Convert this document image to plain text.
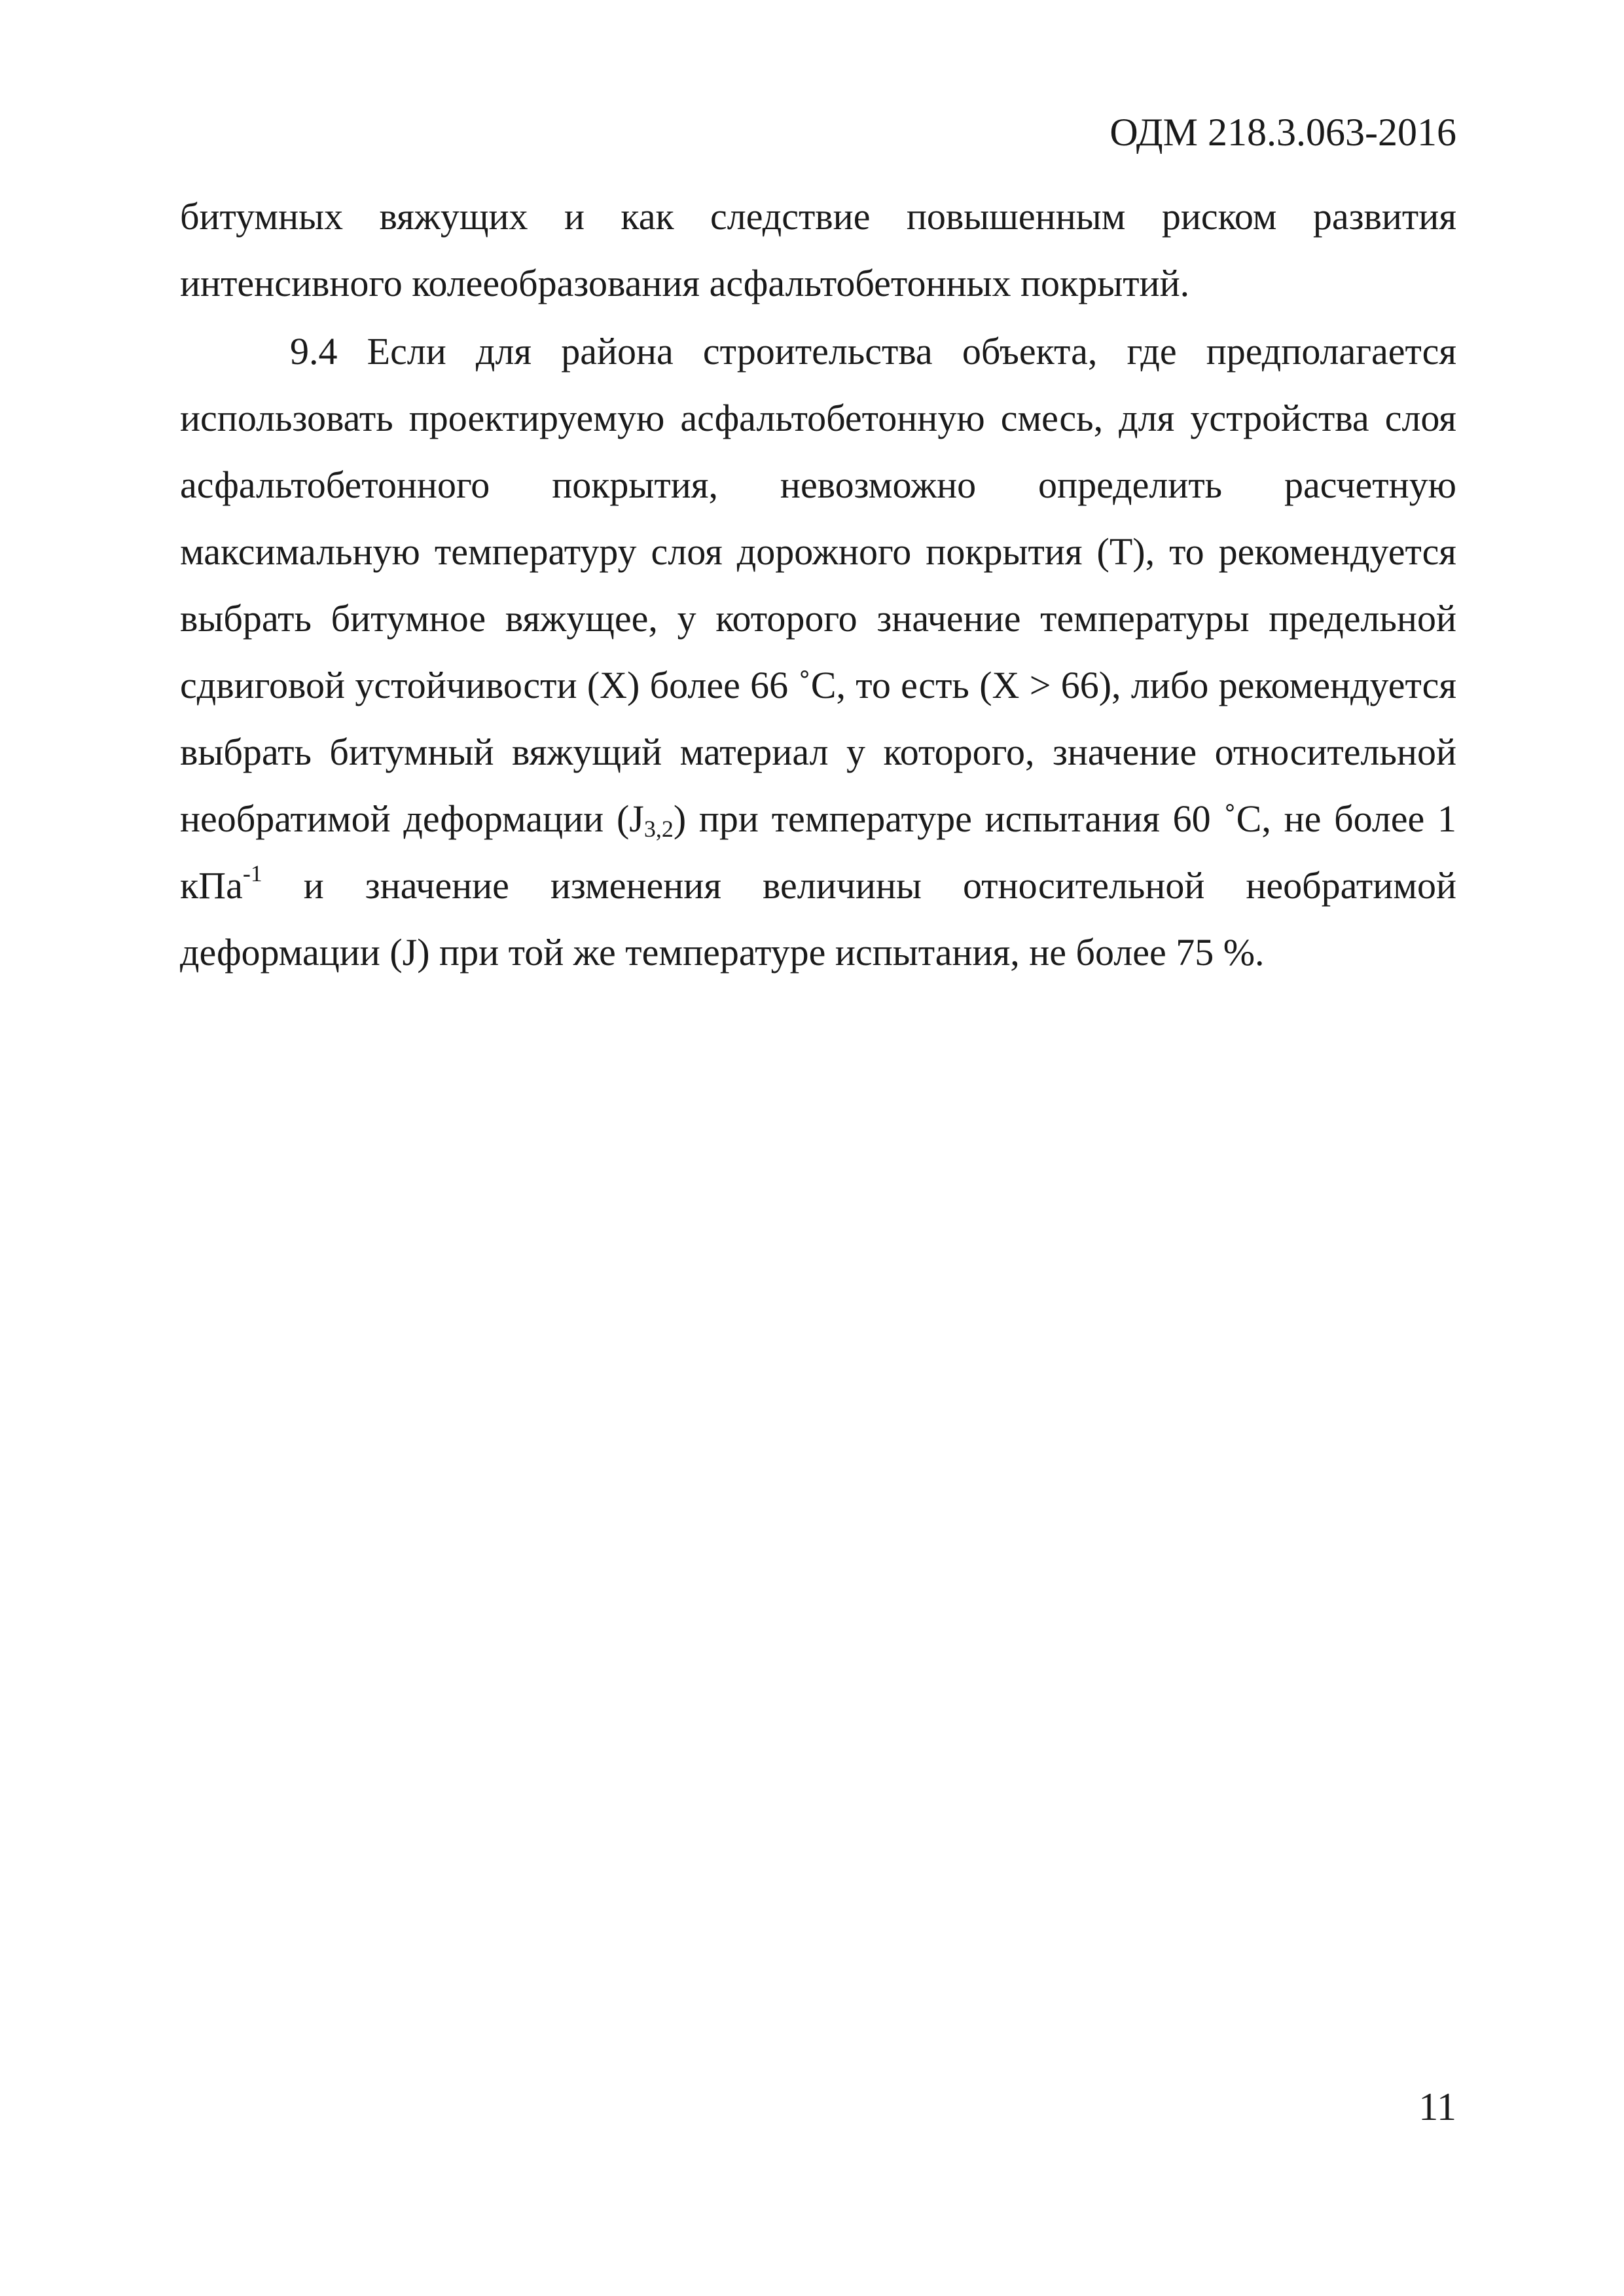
ОДМ 218.3.063-2016

битумных вяжущих и как следствие повышенным риском развития интенсивного колееобразования асфальтобетонных покрытий.

9.4 Если для района строительства объекта, где предполагается использовать проектируемую асфальтобетонную смесь, для устройства слоя асфальтобетонного покрытия, невозможно определить расчетную максимальную температуру слоя дорожного покрытия (Т), то рекомендуется выбрать битумное вяжущее, у которого значение температуры предельной сдвиговой устойчивости (Х) более 66 ˚С, то есть (Х > 66), либо рекомендуется выбрать битумный вяжущий материал у которого, значение относительной необратимой деформации $(J_{3,2})$ при температуре испытания 60 ˚С, не более 1 кПа$^{-1}$ и значение изменения величины относительной необратимой деформации (J) при той же температуре испытания, не более 75 %.

11
